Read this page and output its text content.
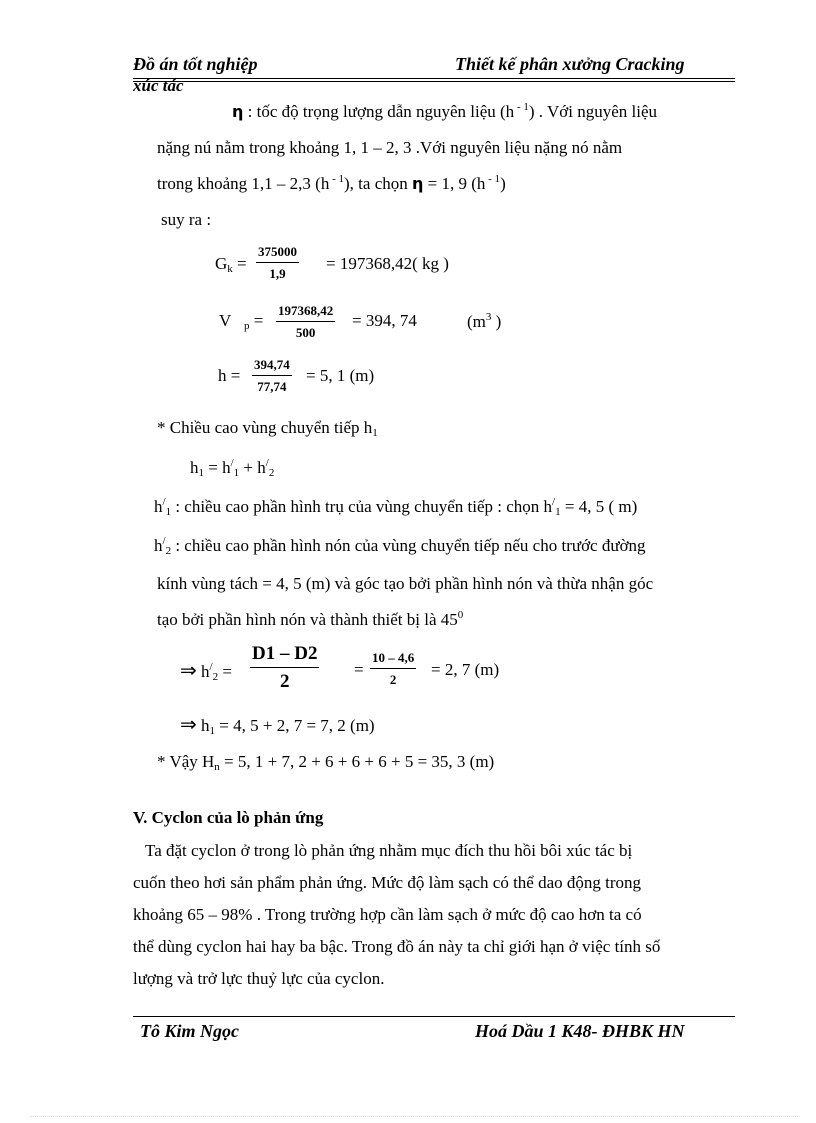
Đồ án tốt nghiệp	Thiết kế phân xưởng Cracking
xúc tác
η : tốc độ trọng lượng dẫn nguyên liệu (h $^{- 1}$) . Với nguyên liệu
nặng nú nằm trong khoảng 1, 1 – 2, 3 .Với nguyên liệu nặng nó nằm
trong khoảng 1,1 – 2,3 (h $^{- 1}$), ta chọn η = 1, 9 (h $^{- 1}$)
suy ra :
$G_k = \frac{375000}{1,9} = 197368,42$( kg )
V $_p = \frac{197368,42}{500} = 394$, 74	($m^3$ )
$h = \frac{394,74}{77,74} = 5$, 1 (m)
* Chiều cao vùng chuyển tiếp $h_1$
$h_1 = h^/_1 + h^/_2$
$h^/_1$ : chiều cao phần hình trụ của vùng chuyển tiếp : chọn $h^/_1 = 4$, 5 ( m)
$h^/_2$ : chiều cao phần hình nón của vùng chuyển tiếp nếu cho trước đường
kính vùng tách = 4, 5 (m) và góc tạo bởi phần hình nón và thừa nhận góc
tạo bởi phần hình nón và thành thiết bị là $45^0$
⇒ $h^/_2 = \frac{D1 - D2}{2} = \frac{10 - 4,6}{2} = 2$, 7 (m)
⇒ $h_1 = 4$, 5 + 2, 7 = 7, 2 (m)
* Vậy $H_n = 5$, 1 + 7, 2 + 6 + 6 + 6 + 5 = 35, 3 (m)
V. Cyclon của lò phản ứng
Ta đặt cyclon ở trong lò phản ứng nhằm mục đích thu hồi bôi xúc tác bị
cuốn theo hơi sản phẩm phản ứng. Mức độ làm sạch có thể dao động trong
khoảng 65 – 98% . Trong trường hợp cần làm sạch ở mức độ cao hơn ta có
thể dùng cyclon hai hay ba bậc. Trong đồ án này ta chỉ giới hạn ở việc tính số
lượng và trở lực thuỷ lực của cyclon.
Tô Kim Ngọc	Hoá Dầu 1 K48- ĐHBK HN
